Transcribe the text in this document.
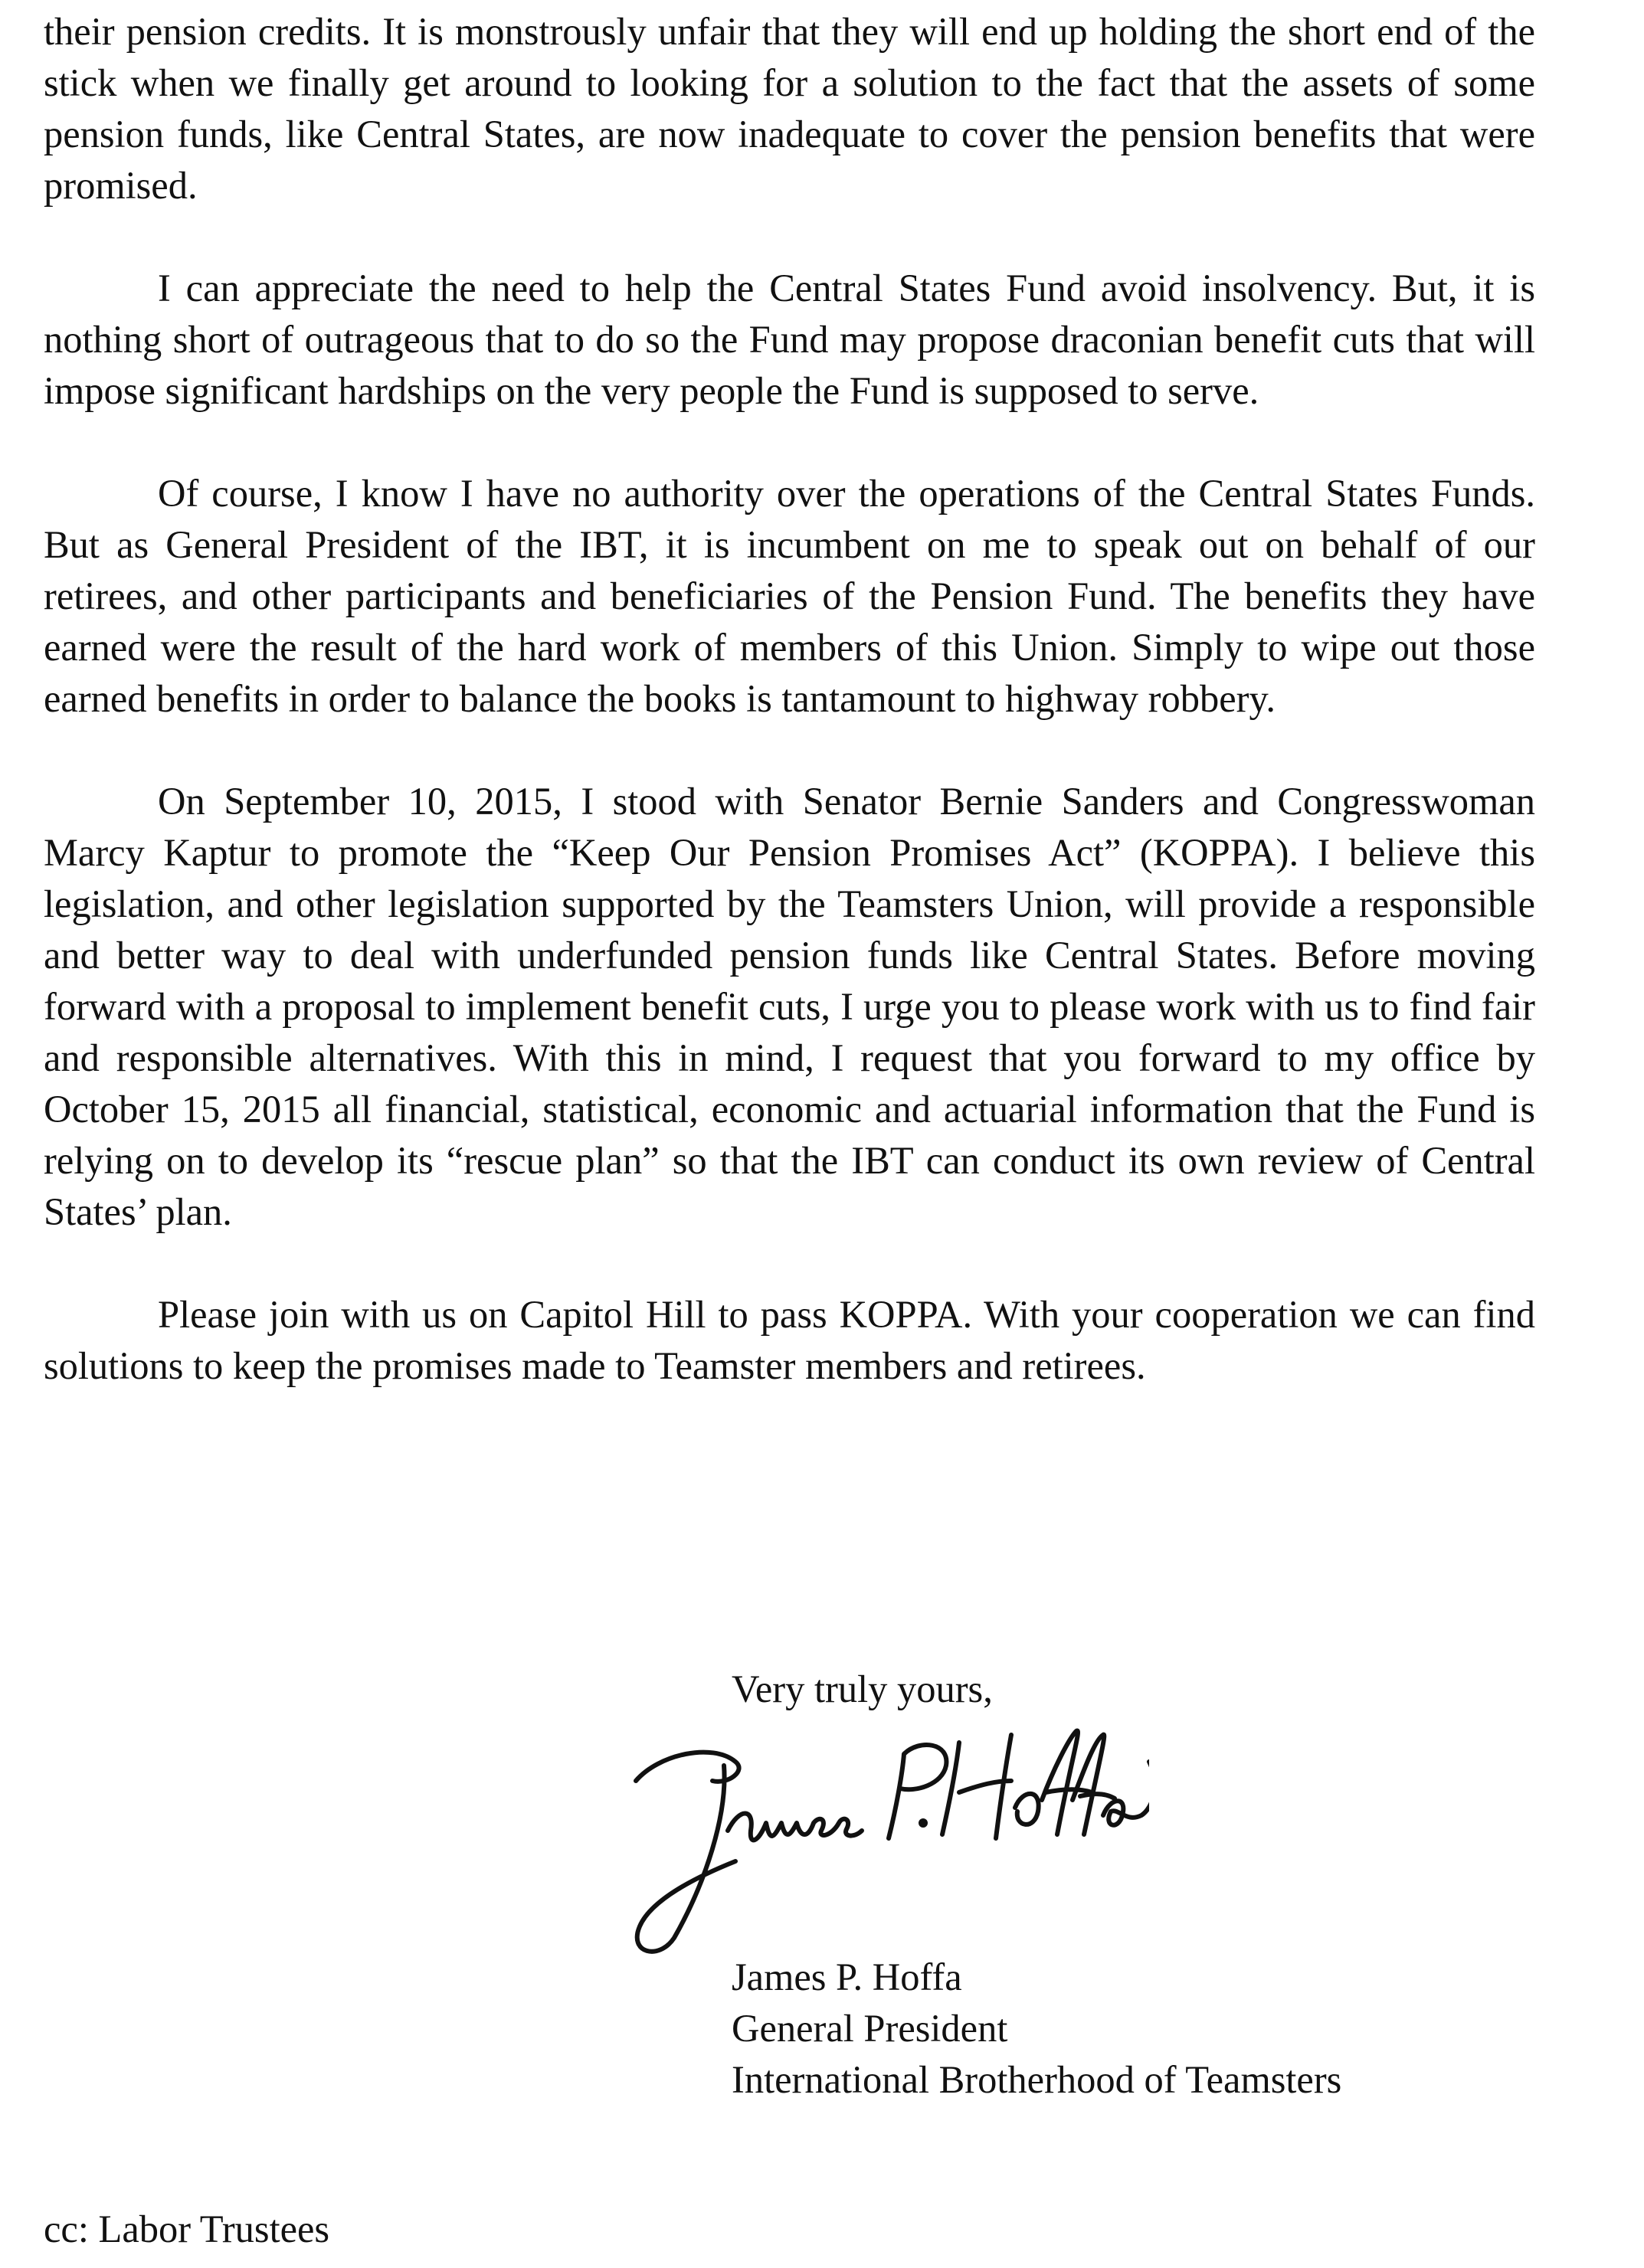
their pension credits. It is monstrously unfair that they will end up holding the short end of the stick when we finally get around to looking for a solution to the fact that the assets of some pension funds, like Central States, are now inadequate to cover the pension benefits that were promised.

I can appreciate the need to help the Central States Fund avoid insolvency. But, it is nothing short of outrageous that to do so the Fund may propose draconian benefit cuts that will impose significant hardships on the very people the Fund is supposed to serve.

Of course, I know I have no authority over the operations of the Central States Funds. But as General President of the IBT, it is incumbent on me to speak out on behalf of our retirees, and other participants and beneficiaries of the Pension Fund. The benefits they have earned were the result of the hard work of members of this Union. Simply to wipe out those earned benefits in order to balance the books is tantamount to highway robbery.

On September 10, 2015, I stood with Senator Bernie Sanders and Congresswoman Marcy Kaptur to promote the “Keep Our Pension Promises Act” (KOPPA). I believe this legislation, and other legislation supported by the Teamsters Union, will provide a responsible and better way to deal with underfunded pension funds like Central States. Before moving forward with a proposal to implement benefit cuts, I urge you to please work with us to find fair and responsible alternatives. With this in mind, I request that you forward to my office by October 15, 2015 all financial, statistical, economic and actuarial information that the Fund is relying on to develop its “rescue plan” so that the IBT can conduct its own review of Central States’ plan.

Please join with us on Capitol Hill to pass KOPPA. With your cooperation we can find solutions to keep the promises made to Teamster members and retirees.

Very truly yours,
James P. Hoffa
General President
International Brotherhood of Teamsters
cc: Labor Trustees
